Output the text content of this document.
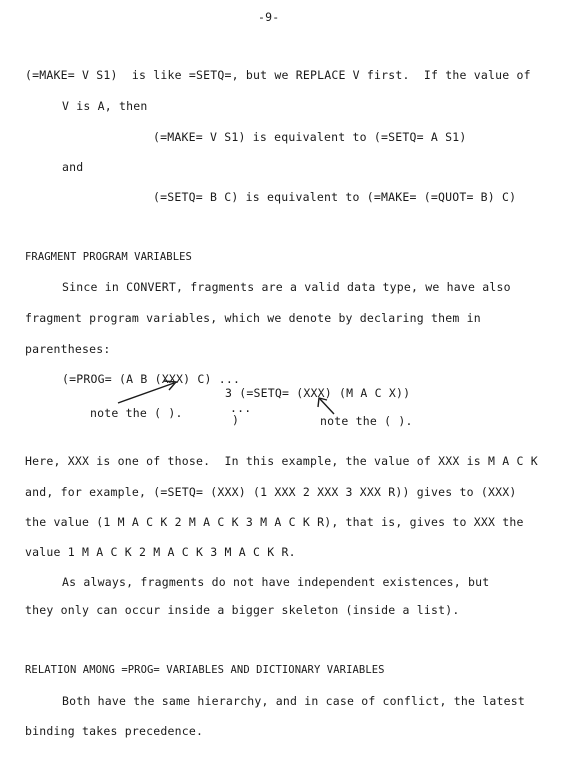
-9-
(=MAKE= V S1)  is like =SETQ=, but we REPLACE V first.  If the value of
V is A, then
(=MAKE= V S1) is equivalent to (=SETQ= A S1)
and
(=SETQ= B C) is equivalent to (=MAKE= (=QUOT= B) C)
FRAGMENT PROGRAM VARIABLES
Since in CONVERT, fragments are a valid data type, we have also
fragment program variables, which we denote by declaring them in
parentheses:
(=PROG= (A B (XXX) C) ...
3 (=SETQ= (XXX) (M A C X))
note the ( ).	...
)	note the ( ).
Here, XXX is one of those.  In this example, the value of XXX is M A C K
and, for example, (=SETQ= (XXX) (1 XXX 2 XXX 3 XXX R)) gives to (XXX)
the value (1 M A C K 2 M A C K 3 M A C K R), that is, gives to XXX the
value 1 M A C K 2 M A C K 3 M A C K R.
As always, fragments do not have independent existences, but
they only can occur inside a bigger skeleton (inside a list).
RELATION AMONG =PROG= VARIABLES AND DICTIONARY VARIABLES
Both have the same hierarchy, and in case of conflict, the latest
binding takes precedence.
